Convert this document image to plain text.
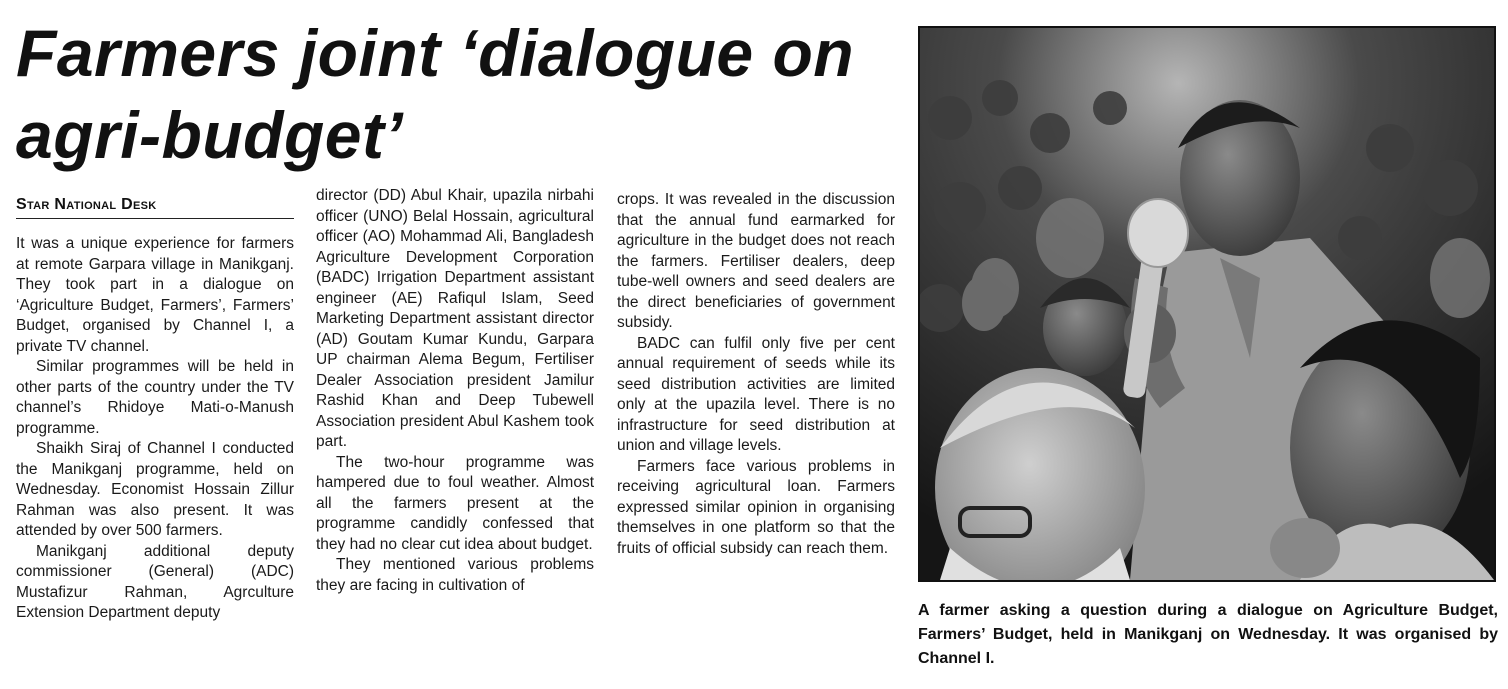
Farmers joint ‘dialogue on agri-budget’
Star National Desk

It was a unique experience for farmers at remote Garpara village in Manikganj. They took part in a dialogue on ‘Agriculture Budget, Farmers’, Farmers’ Budget, organised by Channel I, a private TV channel.

Similar programmes will be held in other parts of the country under the TV channel’s Rhidoye Mati-o-Manush programme.

Shaikh Siraj of Channel I conducted the Manikganj programme, held on Wednesday. Economist Hossain Zillur Rahman was also present. It was attended by over 500 farmers.

Manikganj additional deputy commissioner (General) (ADC) Mustafizur Rahman, Agrculture Extension Department deputy

director (DD) Abul Khair, upazila nirbahi officer (UNO) Belal Hossain, agricultural officer (AO) Mohammad Ali, Bangladesh Agriculture Development Corporation (BADC) Irrigation Department assistant engineer (AE) Rafiqul Islam, Seed Marketing Department assistant director (AD) Goutam Kumar Kundu, Garpara UP chairman Alema Begum, Fertiliser Dealer Association president Jamilur Rashid Khan and Deep Tubewell Association president Abul Kashem took part.

The two-hour programme was hampered due to foul weather. Almost all the farmers present at the programme candidly confessed that they had no clear cut idea about budget.

They mentioned various problems they are facing in cultivation of

crops. It was revealed in the discussion that the annual fund earmarked for agriculture in the budget does not reach the farmers. Fertiliser dealers, deep tube-well owners and seed dealers are the direct beneficiaries of government subsidy.

BADC can fulfil only five per cent annual requirement of seeds while its seed distribution activities are limited only at the upazila level. There is no infrastructure for seed distribution at union and village levels.

Farmers face various problems in receiving agricultural loan. Farmers expressed similar opinion in organising themselves in one platform so that the fruits of official subsidy can reach them.

A farmer asking a question during a dialogue on Agriculture Budget, Farmers’ Budget, held in Manikganj on Wednesday. It was organised by Channel I.
